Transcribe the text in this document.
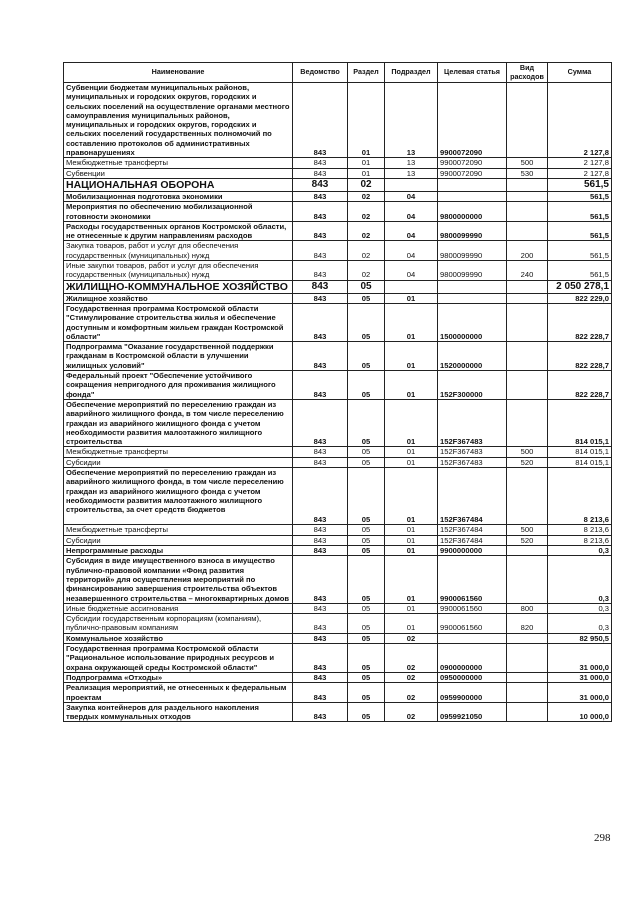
Наименование	Ведомство	Раздел	Подраздел	Целевая статья	Вид расходов	Сумма
Субвенции бюджетам муниципальных районов, муниципальных и городских округов, городских и сельских поселений на осуществление органами местного самоуправления муниципальных районов, муниципальных и городских округов, городских и сельских поселений государственных полномочий по составлению протоколов об административных правонарушениях	843	01	13	9900072090		2 127,8
Межбюджетные трансферты	843	01	13	9900072090	500	2 127,8
Субвенции	843	01	13	9900072090	530	2 127,8
НАЦИОНАЛЬНАЯ ОБОРОНА	843	02				561,5
Мобилизационная подготовка экономики	843	02	04			561,5
Мероприятия по обеспечению мобилизационной готовности экономики	843	02	04	9800000000		561,5
Расходы государственных органов Костромской области, не отнесенные к другим направлениям расходов	843	02	04	9800099990		561,5
Закупка товаров, работ и услуг для обеспечения государственных (муниципальных) нужд	843	02	04	9800099990	200	561,5
Иные закупки товаров, работ и услуг для обеспечения государственных (муниципальных) нужд	843	02	04	9800099990	240	561,5
ЖИЛИЩНО-КОММУНАЛЬНОЕ ХОЗЯЙСТВО	843	05				2 050 278,1
Жилищное хозяйство	843	05	01			822 229,0
Государственная программа Костромской области "Стимулирование строительства жилья и обеспечение доступным и комфортным жильем граждан Костромской области"	843	05	01	1500000000		822 228,7
Подпрограмма "Оказание государственной поддержки гражданам в Костромской области в улучшении жилищных условий"	843	05	01	1520000000		822 228,7
Федеральный проект "Обеспечение устойчивого сокращения непригодного для проживания жилищного фонда"	843	05	01	152F300000		822 228,7
Обеспечение мероприятий по переселению граждан из аварийного жилищного фонда, в том числе переселению граждан из аварийного жилищного фонда с учетом необходимости развития малоэтажного жилищного строительства	843	05	01	152F367483		814 015,1
Межбюджетные трансферты	843	05	01	152F367483	500	814 015,1
Субсидии	843	05	01	152F367483	520	814 015,1
Обеспечение мероприятий по переселению граждан из аварийного жилищного фонда, в том числе переселению граждан из аварийного жилищного фонда с учетом необходимости развития малоэтажного жилищного строительства, за счет средств бюджетов	843	05	01	152F367484		8 213,6
Межбюджетные трансферты	843	05	01	152F367484	500	8 213,6
Субсидии	843	05	01	152F367484	520	8 213,6
Непрограммные расходы	843	05	01	9900000000		0,3
Субсидия в виде имущественного взноса в имущество публично-правовой компании «Фонд развития территорий» для осуществления мероприятий по финансированию завершения строительства объектов незавершенного строительства – многоквартирных домов	843	05	01	9900061560		0,3
Иные бюджетные ассигнования	843	05	01	9900061560	800	0,3
Субсидии государственным корпорациям (компаниям), публично-правовым компаниям	843	05	01	9900061560	820	0,3
Коммунальное хозяйство	843	05	02			82 950,5
Государственная программа Костромской области "Рациональное использование природных ресурсов и охрана окружающей среды Костромской области"	843	05	02	0900000000		31 000,0
Подпрограмма «Отходы»	843	05	02	0950000000		31 000,0
Реализация мероприятий, не отнесенных к федеральным проектам	843	05	02	0959900000		31 000,0
Закупка контейнеров для раздельного накопления твердых коммунальных отходов	843	05	02	0959921050		10 000,0
298
